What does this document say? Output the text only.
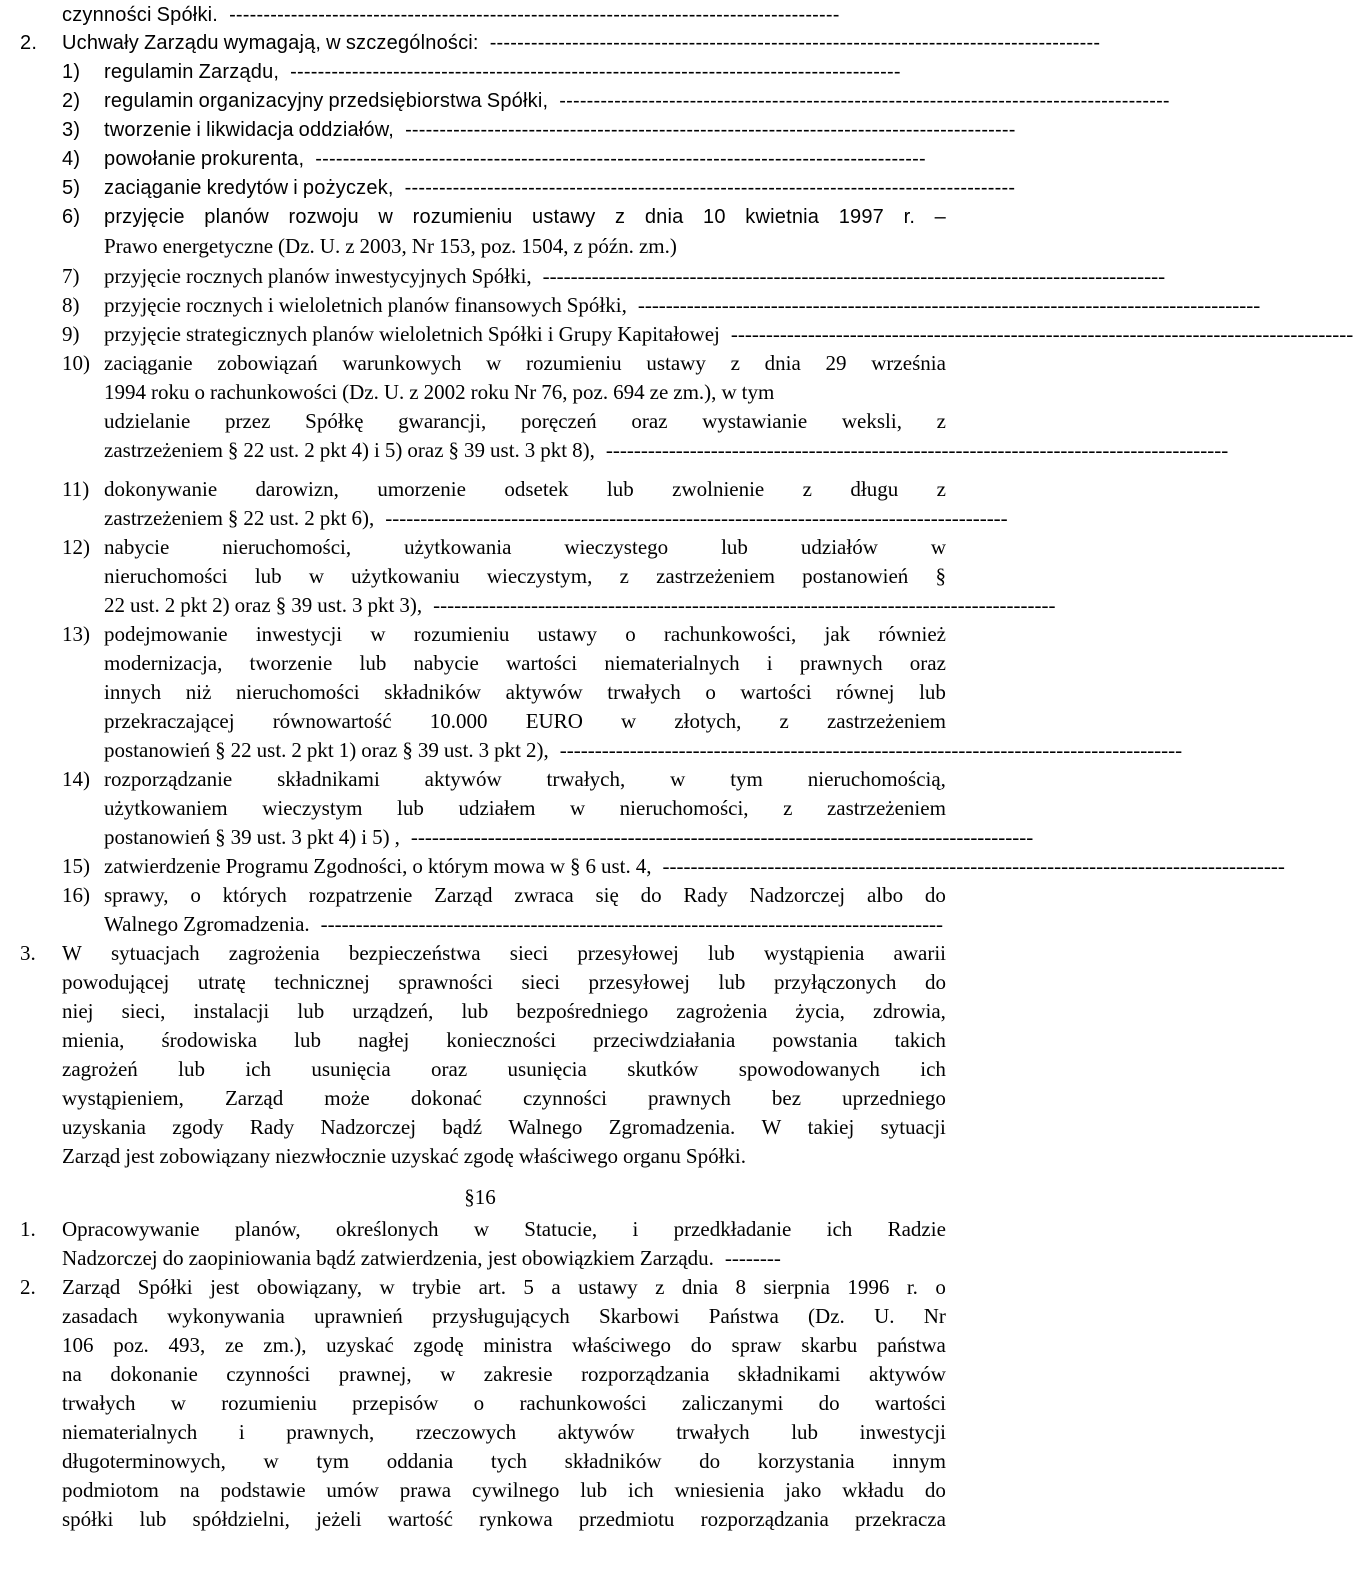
czynności Spółki. -----------------------------------------------------------------------------------------
2. Uchwały Zarządu wymagają, w szczególności: -----------------------------------------------------------------------------------------
1) regulamin Zarządu, -----------------------------------------------------------------------------------------
2) regulamin organizacyjny przedsiębiorstwa Spółki, -----------------------------------------------------------------------------------------
3) tworzenie i likwidacja oddziałów, -----------------------------------------------------------------------------------------
4) powołanie prokurenta, -----------------------------------------------------------------------------------------
5) zaciąganie kredytów i pożyczek, -----------------------------------------------------------------------------------------
6) przyjęcie planów rozwoju w rozumieniu ustawy z dnia 10 kwietnia 1997 r. –
Prawo energetyczne (Dz. U. z 2003, Nr 153, poz. 1504, z późn. zm.)
7) przyjęcie rocznych planów inwestycyjnych Spółki, -----------------------------------------------------------------------------------------
8) przyjęcie rocznych i wieloletnich planów finansowych Spółki, -----------------------------------------------------------------------------------------
9) przyjęcie strategicznych planów wieloletnich Spółki i Grupy Kapitałowej -----------------------------------------------------------------------------------------
10) zaciąganie zobowiązań warunkowych w rozumieniu ustawy z dnia 29 września
1994 roku o rachunkowości (Dz. U. z 2002 roku Nr 76, poz. 694 ze zm.), w tym
udzielanie przez Spółkę gwarancji, poręczeń oraz wystawianie weksli, z
zastrzeżeniem § 22 ust. 2 pkt 4) i 5) oraz § 39 ust. 3 pkt 8), -----------------------------------------------------------------------------------------
11) dokonywanie darowizn, umorzenie odsetek lub zwolnienie z długu z
zastrzeżeniem § 22 ust. 2 pkt 6), -----------------------------------------------------------------------------------------
12) nabycie	nieruchomości,	użytkowania	wieczystego	lub	udziałów	w
nieruchomości lub w użytkowaniu wieczystym, z zastrzeżeniem postanowień §
22 ust. 2 pkt 2) oraz § 39 ust. 3 pkt 3), -----------------------------------------------------------------------------------------
13) podejmowanie inwestycji w rozumieniu ustawy o rachunkowości, jak również
modernizacja, tworzenie lub nabycie wartości niematerialnych i prawnych oraz
innych niż nieruchomości składników aktywów trwałych o wartości równej lub
przekraczającej równowartość 10.000 EURO w złotych, z zastrzeżeniem
postanowień § 22 ust. 2 pkt 1) oraz § 39 ust. 3 pkt 2), -----------------------------------------------------------------------------------------
14) rozporządzanie składnikami aktywów trwałych, w tym nieruchomością,
użytkowaniem wieczystym lub udziałem w nieruchomości, z zastrzeżeniem
postanowień § 39 ust. 3 pkt 4) i 5) , -----------------------------------------------------------------------------------------
15) zatwierdzenie Programu Zgodności, o którym mowa w § 6 ust. 4, -----------------------------------------------------------------------------------------
16) sprawy, o których rozpatrzenie Zarząd zwraca się do Rady Nadzorczej albo do
Walnego Zgromadzenia. -----------------------------------------------------------------------------------------
3. W sytuacjach zagrożenia bezpieczeństwa sieci przesyłowej lub wystąpienia awarii
powodującej utratę technicznej sprawności sieci przesyłowej lub przyłączonych do
niej sieci, instalacji lub urządzeń, lub bezpośredniego zagrożenia życia, zdrowia,
mienia, środowiska lub nagłej konieczności przeciwdziałania powstania takich
zagrożeń lub ich usunięcia oraz usunięcia skutków spowodowanych ich
wystąpieniem, Zarząd może dokonać czynności prawnych bez uprzedniego
uzyskania zgody Rady Nadzorczej bądź Walnego Zgromadzenia. W takiej sytuacji
Zarząd jest zobowiązany niezwłocznie uzyskać zgodę właściwego organu Spółki.
1. Opracowywanie planów, określonych w Statucie, i przedkładanie ich Radzie
Nadzorczej do zaopiniowania bądź zatwierdzenia, jest obowiązkiem Zarządu. --------
2. Zarząd Spółki jest obowiązany, w trybie art. 5 a ustawy z dnia 8 sierpnia 1996 r. o
zasadach wykonywania uprawnień przysługujących Skarbowi Państwa (Dz. U. Nr
106 poz. 493, ze zm.), uzyskać zgodę ministra właściwego do spraw skarbu państwa
na dokonanie czynności prawnej, w zakresie rozporządzania składnikami aktywów
trwałych w rozumieniu przepisów o rachunkowości zaliczanymi do wartości
niematerialnych i prawnych, rzeczowych aktywów trwałych lub inwestycji
długoterminowych, w tym oddania tych składników do korzystania innym
podmiotom na podstawie umów prawa cywilnego lub ich wniesienia jako wkładu do
spółki lub spółdzielni, jeżeli wartość rynkowa przedmiotu rozporządzania przekracza
§16
